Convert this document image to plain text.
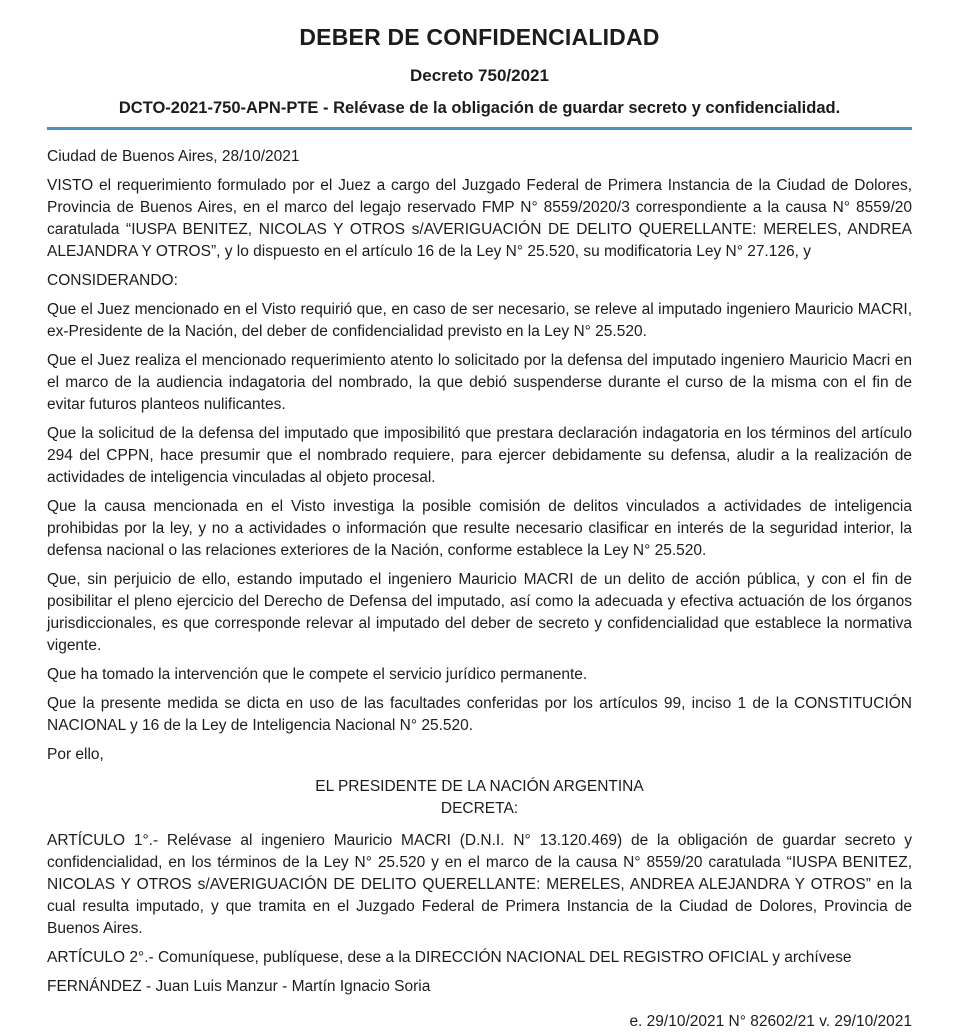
DEBER DE CONFIDENCIALIDAD
Decreto 750/2021
DCTO-2021-750-APN-PTE - Relévase de la obligación de guardar secreto y confidencialidad.

Ciudad de Buenos Aires, 28/10/2021

VISTO el requerimiento formulado por el Juez a cargo del Juzgado Federal de Primera Instancia de la Ciudad de Dolores, Provincia de Buenos Aires, en el marco del legajo reservado FMP N° 8559/2020/3 correspondiente a la causa N° 8559/20 caratulada “IUSPA BENITEZ, NICOLAS Y OTROS s/AVERIGUACIÓN DE DELITO QUERELLANTE: MERELES, ANDREA ALEJANDRA Y OTROS”, y lo dispuesto en el artículo 16 de la Ley N° 25.520, su modificatoria Ley N° 27.126, y

CONSIDERANDO:

Que el Juez mencionado en el Visto requirió que, en caso de ser necesario, se releve al imputado ingeniero Mauricio MACRI, ex-Presidente de la Nación, del deber de confidencialidad previsto en la Ley N° 25.520.

Que el Juez realiza el mencionado requerimiento atento lo solicitado por la defensa del imputado ingeniero Mauricio Macri en el marco de la audiencia indagatoria del nombrado, la que debió suspenderse durante el curso de la misma con el fin de evitar futuros planteos nulificantes.

Que la solicitud de la defensa del imputado que imposibilitó que prestara declaración indagatoria en los términos del artículo 294 del CPPN, hace presumir que el nombrado requiere, para ejercer debidamente su defensa, aludir a la realización de actividades de inteligencia vinculadas al objeto procesal.

Que la causa mencionada en el Visto investiga la posible comisión de delitos vinculados a actividades de inteligencia prohibidas por la ley, y no a actividades o información que resulte necesario clasificar en interés de la seguridad interior, la defensa nacional o las relaciones exteriores de la Nación, conforme establece la Ley N° 25.520.

Que, sin perjuicio de ello, estando imputado el ingeniero Mauricio MACRI de un delito de acción pública, y con el fin de posibilitar el pleno ejercicio del Derecho de Defensa del imputado, así como la adecuada y efectiva actuación de los órganos jurisdiccionales, es que corresponde relevar al imputado del deber de secreto y confidencialidad que establece la normativa vigente.

Que ha tomado la intervención que le compete el servicio jurídico permanente.

Que la presente medida se dicta en uso de las facultades conferidas por los artículos 99, inciso 1 de la CONSTITUCIÓN NACIONAL y 16 de la Ley de Inteligencia Nacional N° 25.520.

Por ello,

EL PRESIDENTE DE LA NACIÓN ARGENTINA
DECRETA:

ARTÍCULO 1°.- Relévase al ingeniero Mauricio MACRI (D.N.I. N° 13.120.469) de la obligación de guardar secreto y confidencialidad, en los términos de la Ley N° 25.520 y en el marco de la causa N° 8559/20 caratulada “IUSPA BENITEZ, NICOLAS Y OTROS s/AVERIGUACIÓN DE DELITO QUERELLANTE: MERELES, ANDREA ALEJANDRA Y OTROS” en la cual resulta imputado, y que tramita en el Juzgado Federal de Primera Instancia de la Ciudad de Dolores, Provincia de Buenos Aires.

ARTÍCULO 2°.- Comuníquese, publíquese, dese a la DIRECCIÓN NACIONAL DEL REGISTRO OFICIAL y archívese

FERNÁNDEZ - Juan Luis Manzur - Martín Ignacio Soria

e. 29/10/2021 N° 82602/21 v. 29/10/2021
